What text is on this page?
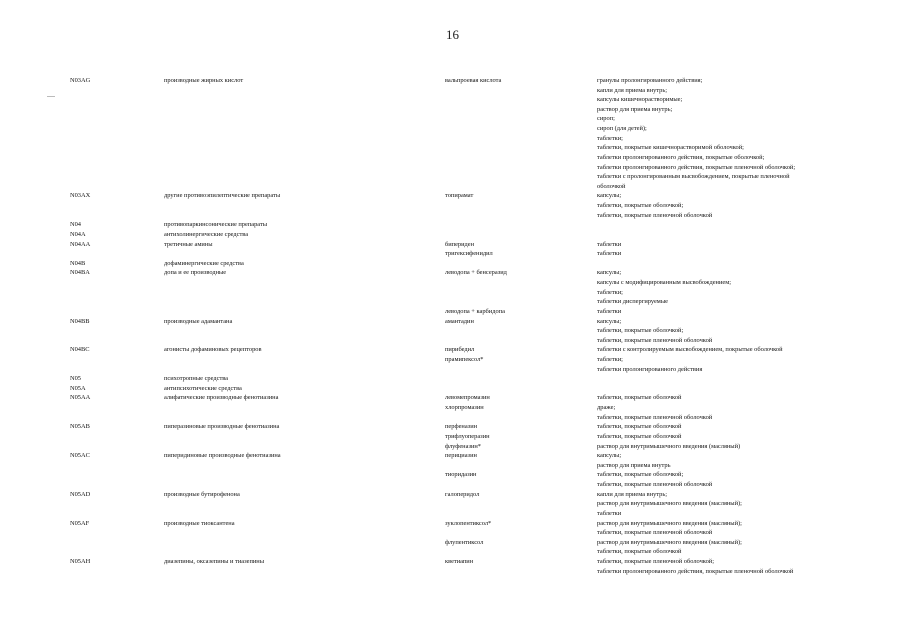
16
N03AG	производные жирных кислот	вальпроевая кислота	гранулы пролонгированного действия;
капли для приема внутрь;
капсулы кишечнорастворимые;
раствор для приема внутрь;
сироп;
сироп (для детей);
таблетки;
таблетки, покрытые кишечнорастворимой оболочкой;
таблетки пролонгированного действия, покрытые оболочкой;
таблетки пролонгированного действия, покрытые пленочной оболочкой;
таблетки с пролонгированным высвобождением, покрытые пленочной
оболочкой
N03AX	другие противоэпилептические препараты	топирамат	капсулы;
таблетки, покрытые оболочкой;
таблетки, покрытые пленочной оболочкой
N04	противопаркинсонические препараты
N04A	антихолинергические средства
N04AA	третичные амины	бипериден	таблетки
тригексифенидил	таблетки
N04B	дофаминергические средства
N04BA	допа и ее производные	леводопа + бенсеразид	капсулы;
капсулы с модифицированным высвобождением;
таблетки;
таблетки диспергируемые
леводопа + карбидопа	таблетки
N04BB	производные адамантана	амантадин	капсулы;
таблетки, покрытые оболочкой;
таблетки, покрытые пленочной оболочкой
N04BC	агонисты дофаминовых рецепторов	пирибедил	таблетки с контролируемым высвобождением, покрытые оболочкой
прамипексол*	таблетки;
таблетки пролонгированного действия
N05	психотропные средства
N05A	антипсихотические средства
N05AA	алифатические производные фенотиазина	левомепромазин	таблетки, покрытые оболочкой
хлорпромазин	драже;
таблетки, покрытые пленочной оболочкой
N05AB	пиперазиновые производные фенотиазина	перфеназин	таблетки, покрытые оболочкой
трифлуоперазин	таблетки, покрытые оболочкой
флуфеназин*	раствор для внутримышечного введения (масляный)
N05AC	пиперидиновые производные фенотиазина	перициазин	капсулы;
раствор для приема внутрь
тиоридазин	таблетки, покрытые оболочкой;
таблетки, покрытые пленочной оболочкой
N05AD	производные бутирофенона	галоперидол	капли для приема внутрь;
раствор для внутримышечного введения (масляный);
таблетки
N05AF	производные тиоксантена	зуклопентиксол*	раствор для внутримышечного введения (масляный);
таблетки, покрытые пленочной оболочкой
флупентиксол	раствор для внутримышечного введения (масляный);
таблетки, покрытые оболочкой
N05AH	диазепины, оксазепины и тиазепины	кветиапин	таблетки, покрытые пленочной оболочкой;
таблетки пролонгированного действия, покрытые пленочной оболочкой
